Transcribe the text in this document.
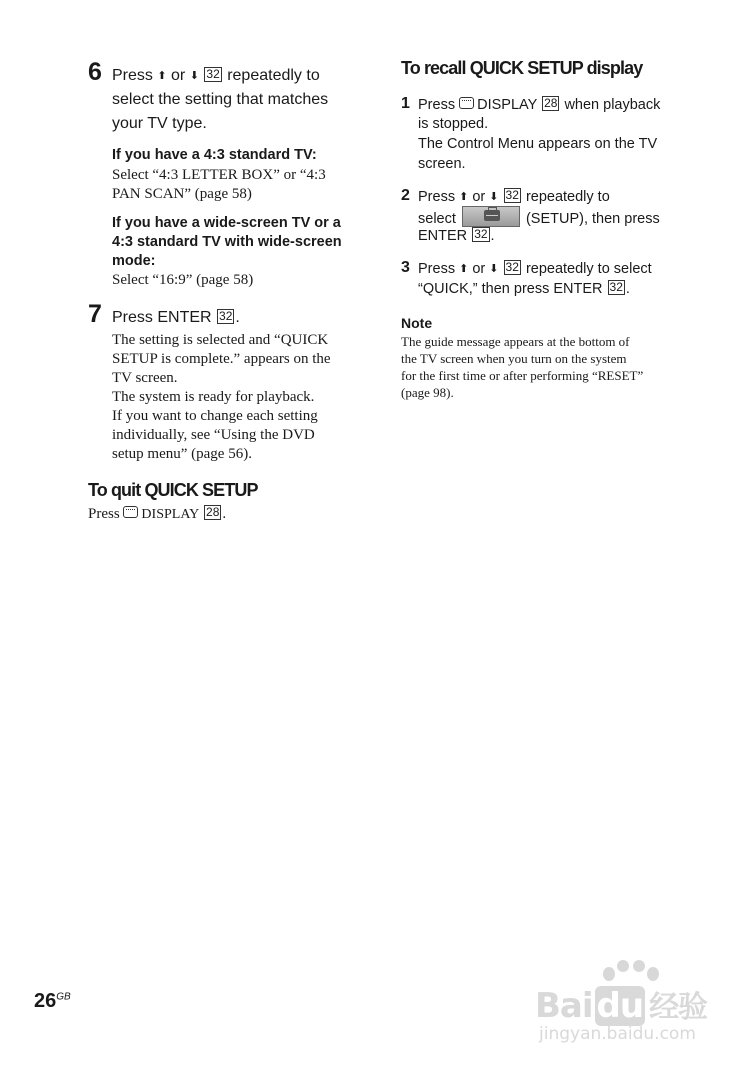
6 Press ⬆ or ⬇ 32 repeatedly to
select the setting that matches
your TV type.
If you have a 4:3 standard TV:
Select “4:3 LETTER BOX” or “4:3
PAN SCAN” (page 58)
If you have a wide-screen TV or a
4:3 standard TV with wide-screen
mode:
Select “16:9” (page 58)
7 Press ENTER 32 .
The setting is selected and “QUICK
SETUP is complete.” appears on the
TV screen.
The system is ready for playback.
If you want to change each setting
individually, see “Using the DVD
setup menu” (page 56).
To quit QUICK SETUP
Press DISPLAY 28 .
To recall QUICK SETUP display
1 Press DISPLAY 28 when playback
is stopped.
The Control Menu appears on the TV
screen.
2 Press ⬆ or ⬇ 32 repeatedly to
select	(SETUP), then press
ENTER 32 .
3 Press ⬆ or ⬇ 32 repeatedly to select
“QUICK,” then press ENTER 32 .
Note
The guide message appears at the bottom of
the TV screen when you turn on the system
for the first time or after performing “RESET”
(page 98).
$26^{GB}$	Bai du 经验
jingyan.baidu.com
